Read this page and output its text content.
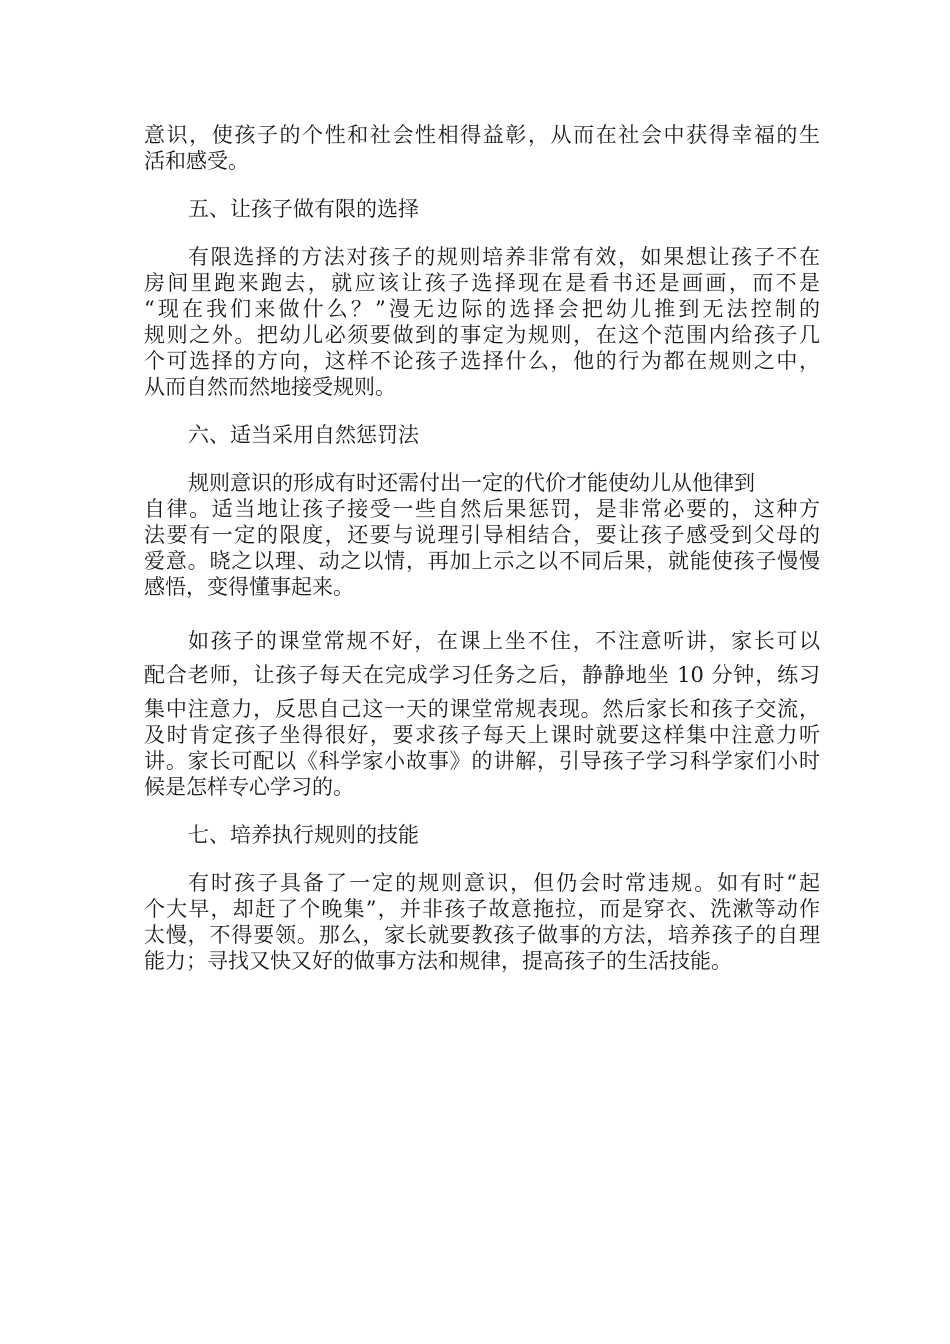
意识，使孩子的个性和社会性相得益彰，从而在社会中获得幸福的生
活和感受。
五、让孩子做有限的选择
有限选择的方法对孩子的规则培养非常有效，如果想让孩子不在
房间里跑来跑去，就应该让孩子选择现在是看书还是画画，而不是
“现在我们来做什么？”漫无边际的选择会把幼儿推到无法控制的
规则之外。把幼儿必须要做到的事定为规则，在这个范围内给孩子几
个可选择的方向，这样不论孩子选择什么，他的行为都在规则之中，
从而自然而然地接受规则。
六、适当采用自然惩罚法
规则意识的形成有时还需付出一定的代价才能使幼儿从他律到
自律。适当地让孩子接受一些自然后果惩罚，是非常必要的，这种方
法要有一定的限度，还要与说理引导相结合，要让孩子感受到父母的
爱意。晓之以理、动之以情，再加上示之以不同后果，就能使孩子慢慢
感悟，变得懂事起来。
如孩子的课堂常规不好，在课上坐不住，不注意听讲，家长可以
配合老师，让孩子每天在完成学习任务之后，静静地坐 10 分钟，练习
集中注意力，反思自己这一天的课堂常规表现。然后家长和孩子交流，
及时肯定孩子坐得很好，要求孩子每天上课时就要这样集中注意力听
讲。家长可配以《科学家小故事》的讲解，引导孩子学习科学家们小时
候是怎样专心学习的。
七、培养执行规则的技能
有时孩子具备了一定的规则意识，但仍会时常违规。如有时“起
个大早，却赶了个晚集”，并非孩子故意拖拉，而是穿衣、洗漱等动作
太慢，不得要领。那么，家长就要教孩子做事的方法，培养孩子的自理
能力；寻找又快又好的做事方法和规律，提高孩子的生活技能。
